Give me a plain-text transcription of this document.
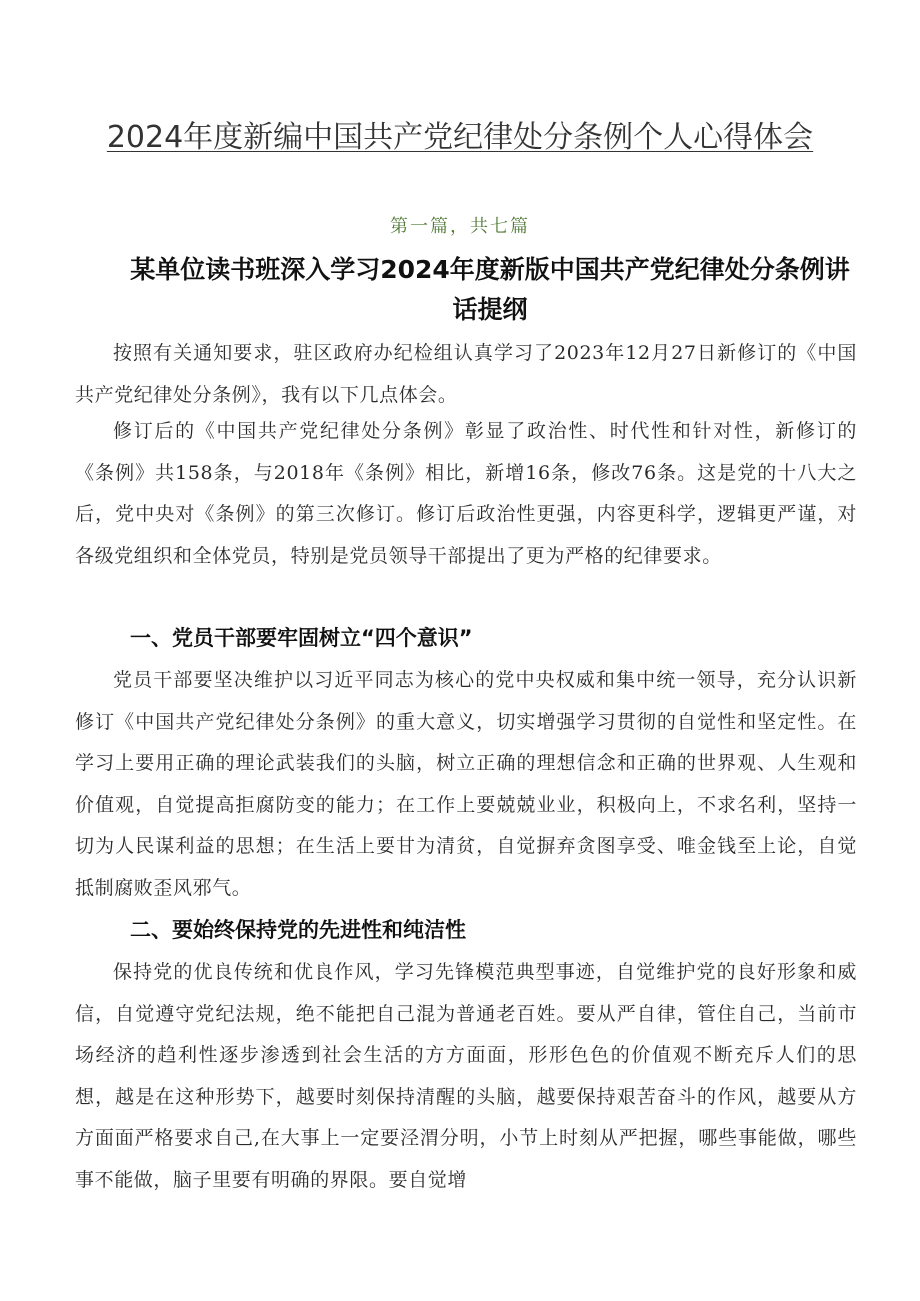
2024年度新编中国共产党纪律处分条例个人心得体会
第一篇，共七篇
某单位读书班深入学习2024年度新版中国共产党纪律处分条例讲话提纲

按照有关通知要求，驻区政府办纪检组认真学习了2023年12月27日新修订的《中国共产党纪律处分条例》，我有以下几点体会。

修订后的《中国共产党纪律处分条例》彰显了政治性、时代性和针对性，新修订的《条例》共158条，与2018年《条例》相比，新增16条，修改76条。这是党的十八大之后，党中央对《条例》的第三次修订。修订后政治性更强，内容更科学，逻辑更严谨，对各级党组织和全体党员，特别是党员领导干部提出了更为严格的纪律要求。

一、党员干部要牢固树立“四个意识”

党员干部要坚决维护以习近平同志为核心的党中央权威和集中统一领导，充分认识新修订《中国共产党纪律处分条例》的重大意义，切实增强学习贯彻的自觉性和坚定性。在学习上要用正确的理论武装我们的头脑，树立正确的理想信念和正确的世界观、人生观和价值观，自觉提高拒腐防变的能力；在工作上要兢兢业业，积极向上，不求名利，坚持一切为人民谋利益的思想；在生活上要甘为清贫，自觉摒弃贪图享受、唯金钱至上论，自觉抵制腐败歪风邪气。

二、要始终保持党的先进性和纯洁性

保持党的优良传统和优良作风，学习先锋模范典型事迹，自觉维护党的良好形象和威信，自觉遵守党纪法规，绝不能把自己混为普通老百姓。要从严自律，管住自己，当前市场经济的趋利性逐步渗透到社会生活的方方面面，形形色色的价值观不断充斥人们的思想，越是在这种形势下，越要时刻保持清醒的头脑，越要保持艰苦奋斗的作风，越要从方方面面严格要求自己,在大事上一定要泾渭分明，小节上时刻从严把握，哪些事能做，哪些事不能做，脑子里要有明确的界限。要自觉增
